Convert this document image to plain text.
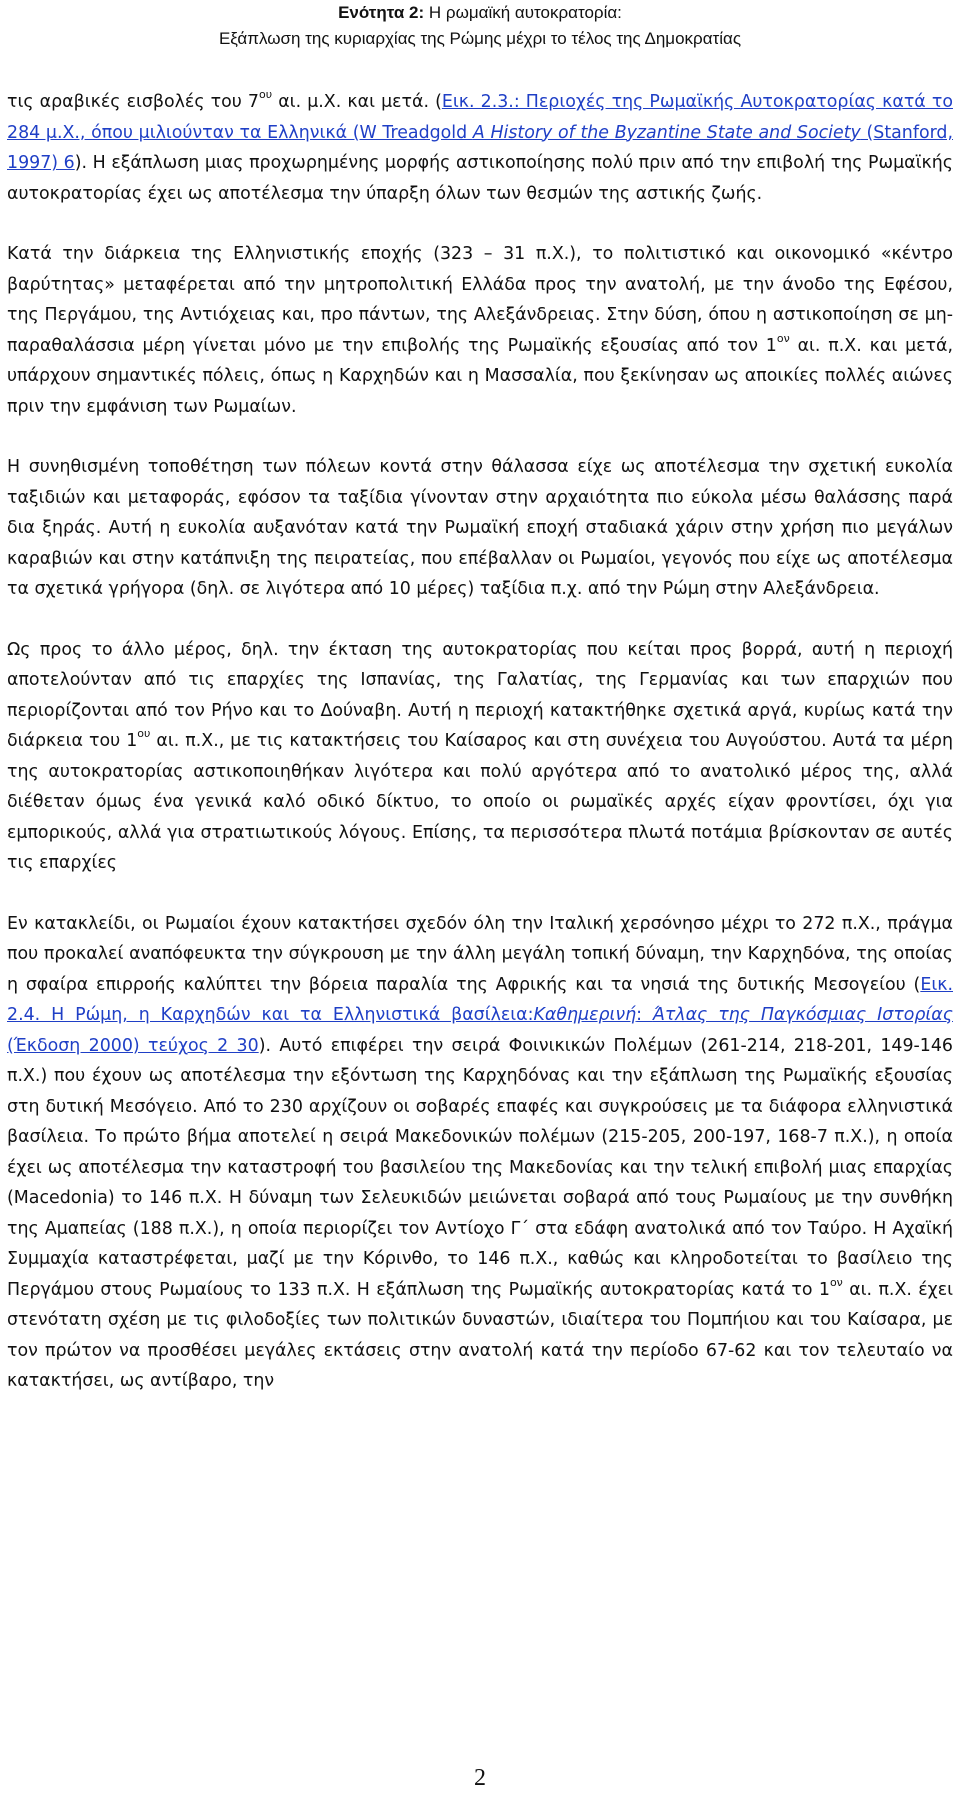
Ενότητα 2: Η ρωμαϊκή αυτοκρατορία:
Εξάπλωση της κυριαρχίας της Ρώμης μέχρι το τέλος της Δημοκρατίας

τις αραβικές εισβολές του $7^{o\upsilon}$ αι. μ.Χ. και μετά. (Εικ. 2.3.: Περιοχές της Ρωμαϊκής Αυτοκρατορίας κατά το 284 μ.Χ., όπου μιλιούνταν τα Ελληνικά (W Treadgold A History of the Byzantine State and Society (Stanford, 1997) 6). Η εξάπλωση μιας προχωρημένης μορφής αστικοποίησης πολύ πριν από την επιβολή της Ρωμαϊκής αυτοκρατορίας έχει ως αποτέλεσμα την ύπαρξη όλων των θεσμών της αστικής ζωής.

Κατά την διάρκεια της Ελληνιστικής εποχής (323 – 31 π.Χ.), το πολιτιστικό και οικονομικό «κέντρο βαρύτητας» μεταφέρεται από την μητροπολιτική Ελλάδα προς την ανατολή, με την άνοδο της Εφέσου, της Περγάμου, της Αντιόχειας και, προ πάντων, της Αλεξάνδρειας. Στην δύση, όπου η αστικοποίηση σε μη-παραθαλάσσια μέρη γίνεται μόνο με την επιβολής της Ρωμαϊκής εξουσίας από τον $1^{o\nu}$ αι. π.Χ. και μετά, υπάρχουν σημαντικές πόλεις, όπως η Καρχηδών και η Μασσαλία, που ξεκίνησαν ως αποικίες πολλές αιώνες πριν την εμφάνιση των Ρωμαίων.

Η συνηθισμένη τοποθέτηση των πόλεων κοντά στην θάλασσα είχε ως αποτέλεσμα την σχετική ευκολία ταξιδιών και μεταφοράς, εφόσον τα ταξίδια γίνονταν στην αρχαιότητα πιο εύκολα μέσω θαλάσσης παρά δια ξηράς. Αυτή η ευκολία αυξανόταν κατά την Ρωμαϊκή εποχή σταδιακά χάριν στην χρήση πιο μεγάλων καραβιών και στην κατάπνιξη της πειρατείας, που επέβαλλαν οι Ρωμαίοι, γεγονός που είχε ως αποτέλεσμα τα σχετικά γρήγορα (δηλ. σε λιγότερα από 10 μέρες) ταξίδια π.χ. από την Ρώμη στην Αλεξάνδρεια.

Ως προς το άλλο μέρος, δηλ. την έκταση της αυτοκρατορίας που κείται προς βορρά, αυτή η περιοχή αποτελούνταν από τις επαρχίες της Ισπανίας, της Γαλατίας, της Γερμανίας και των επαρχιών που περιορίζονται από τον Ρήνο και το Δούναβη. Αυτή η περιοχή κατακτήθηκε σχετικά αργά, κυρίως κατά την διάρκεια του $1^{o\upsilon}$ αι. π.Χ., με τις κατακτήσεις του Καίσαρος και στη συνέχεια του Αυγούστου. Αυτά τα μέρη της αυτοκρατορίας αστικοποιηθήκαν λιγότερα και πολύ αργότερα από το ανατολικό μέρος της, αλλά διέθεταν όμως ένα γενικά καλό οδικό δίκτυο, το οποίο οι ρωμαϊκές αρχές είχαν φροντίσει, όχι για εμπορικούς, αλλά για στρατιωτικούς λόγους. Επίσης, τα περισσότερα πλωτά ποτάμια βρίσκονταν σε αυτές τις επαρχίες

Εν κατακλείδι, οι Ρωμαίοι έχουν κατακτήσει σχεδόν όλη την Ιταλική χερσόνησο μέχρι το 272 π.Χ., πράγμα που προκαλεί αναπόφευκτα την σύγκρουση με την άλλη μεγάλη τοπική δύναμη, την Καρχηδόνα, της οποίας η σφαίρα επιρροής καλύπτει την βόρεια παραλία της Αφρικής και τα νησιά της δυτικής Μεσογείου (Εικ. 2.4. Η Ρώμη, η Καρχηδών και τα Ελληνιστικά βασίλεια:Καθημερινή: Άτλας της Παγκόσμιας Ιστορίας (Έκδοση 2000) τεύχος 2 30). Αυτό επιφέρει την σειρά Φοινικικών Πολέμων (261-214, 218-201, 149-146 π.Χ.) που έχουν ως αποτέλεσμα την εξόντωση της Καρχηδόνας και την εξάπλωση της Ρωμαϊκής εξουσίας στη δυτική Μεσόγειο. Από το 230 αρχίζουν οι σοβαρές επαφές και συγκρούσεις με τα διάφορα ελληνιστικά βασίλεια. Το πρώτο βήμα αποτελεί η σειρά Μακεδονικών πολέμων (215-205, 200-197, 168-7 π.Χ.), η οποία έχει ως αποτέλεσμα την καταστροφή του βασιλείου της Μακεδονίας και την τελική επιβολή μιας επαρχίας (Macedonia) το 146 π.Χ. Η δύναμη των Σελευκιδών μειώνεται σοβαρά από τους Ρωμαίους με την συνθήκη της Αμαπείας (188 π.Χ.), η οποία περιορίζει τον Αντίοχο Γ΄ στα εδάφη ανατολικά από τον Ταύρο. Η Αχαϊκή Συμμαχία καταστρέφεται, μαζί με την Κόρινθο, το 146 π.Χ., καθώς και κληροδοτείται το βασίλειο της Περγάμου στους Ρωμαίους το 133 π.Χ. Η εξάπλωση της Ρωμαϊκής αυτοκρατορίας κατά το $1^{o\nu}$ αι. π.Χ. έχει στενότατη σχέση με τις φιλοδοξίες των πολιτικών δυναστών, ιδιαίτερα του Πομπήιου και του Καίσαρα, με τον πρώτον να προσθέσει μεγάλες εκτάσεις στην ανατολή κατά την περίοδο 67-62 και τον τελευταίο να κατακτήσει, ως αντίβαρο, την

2
